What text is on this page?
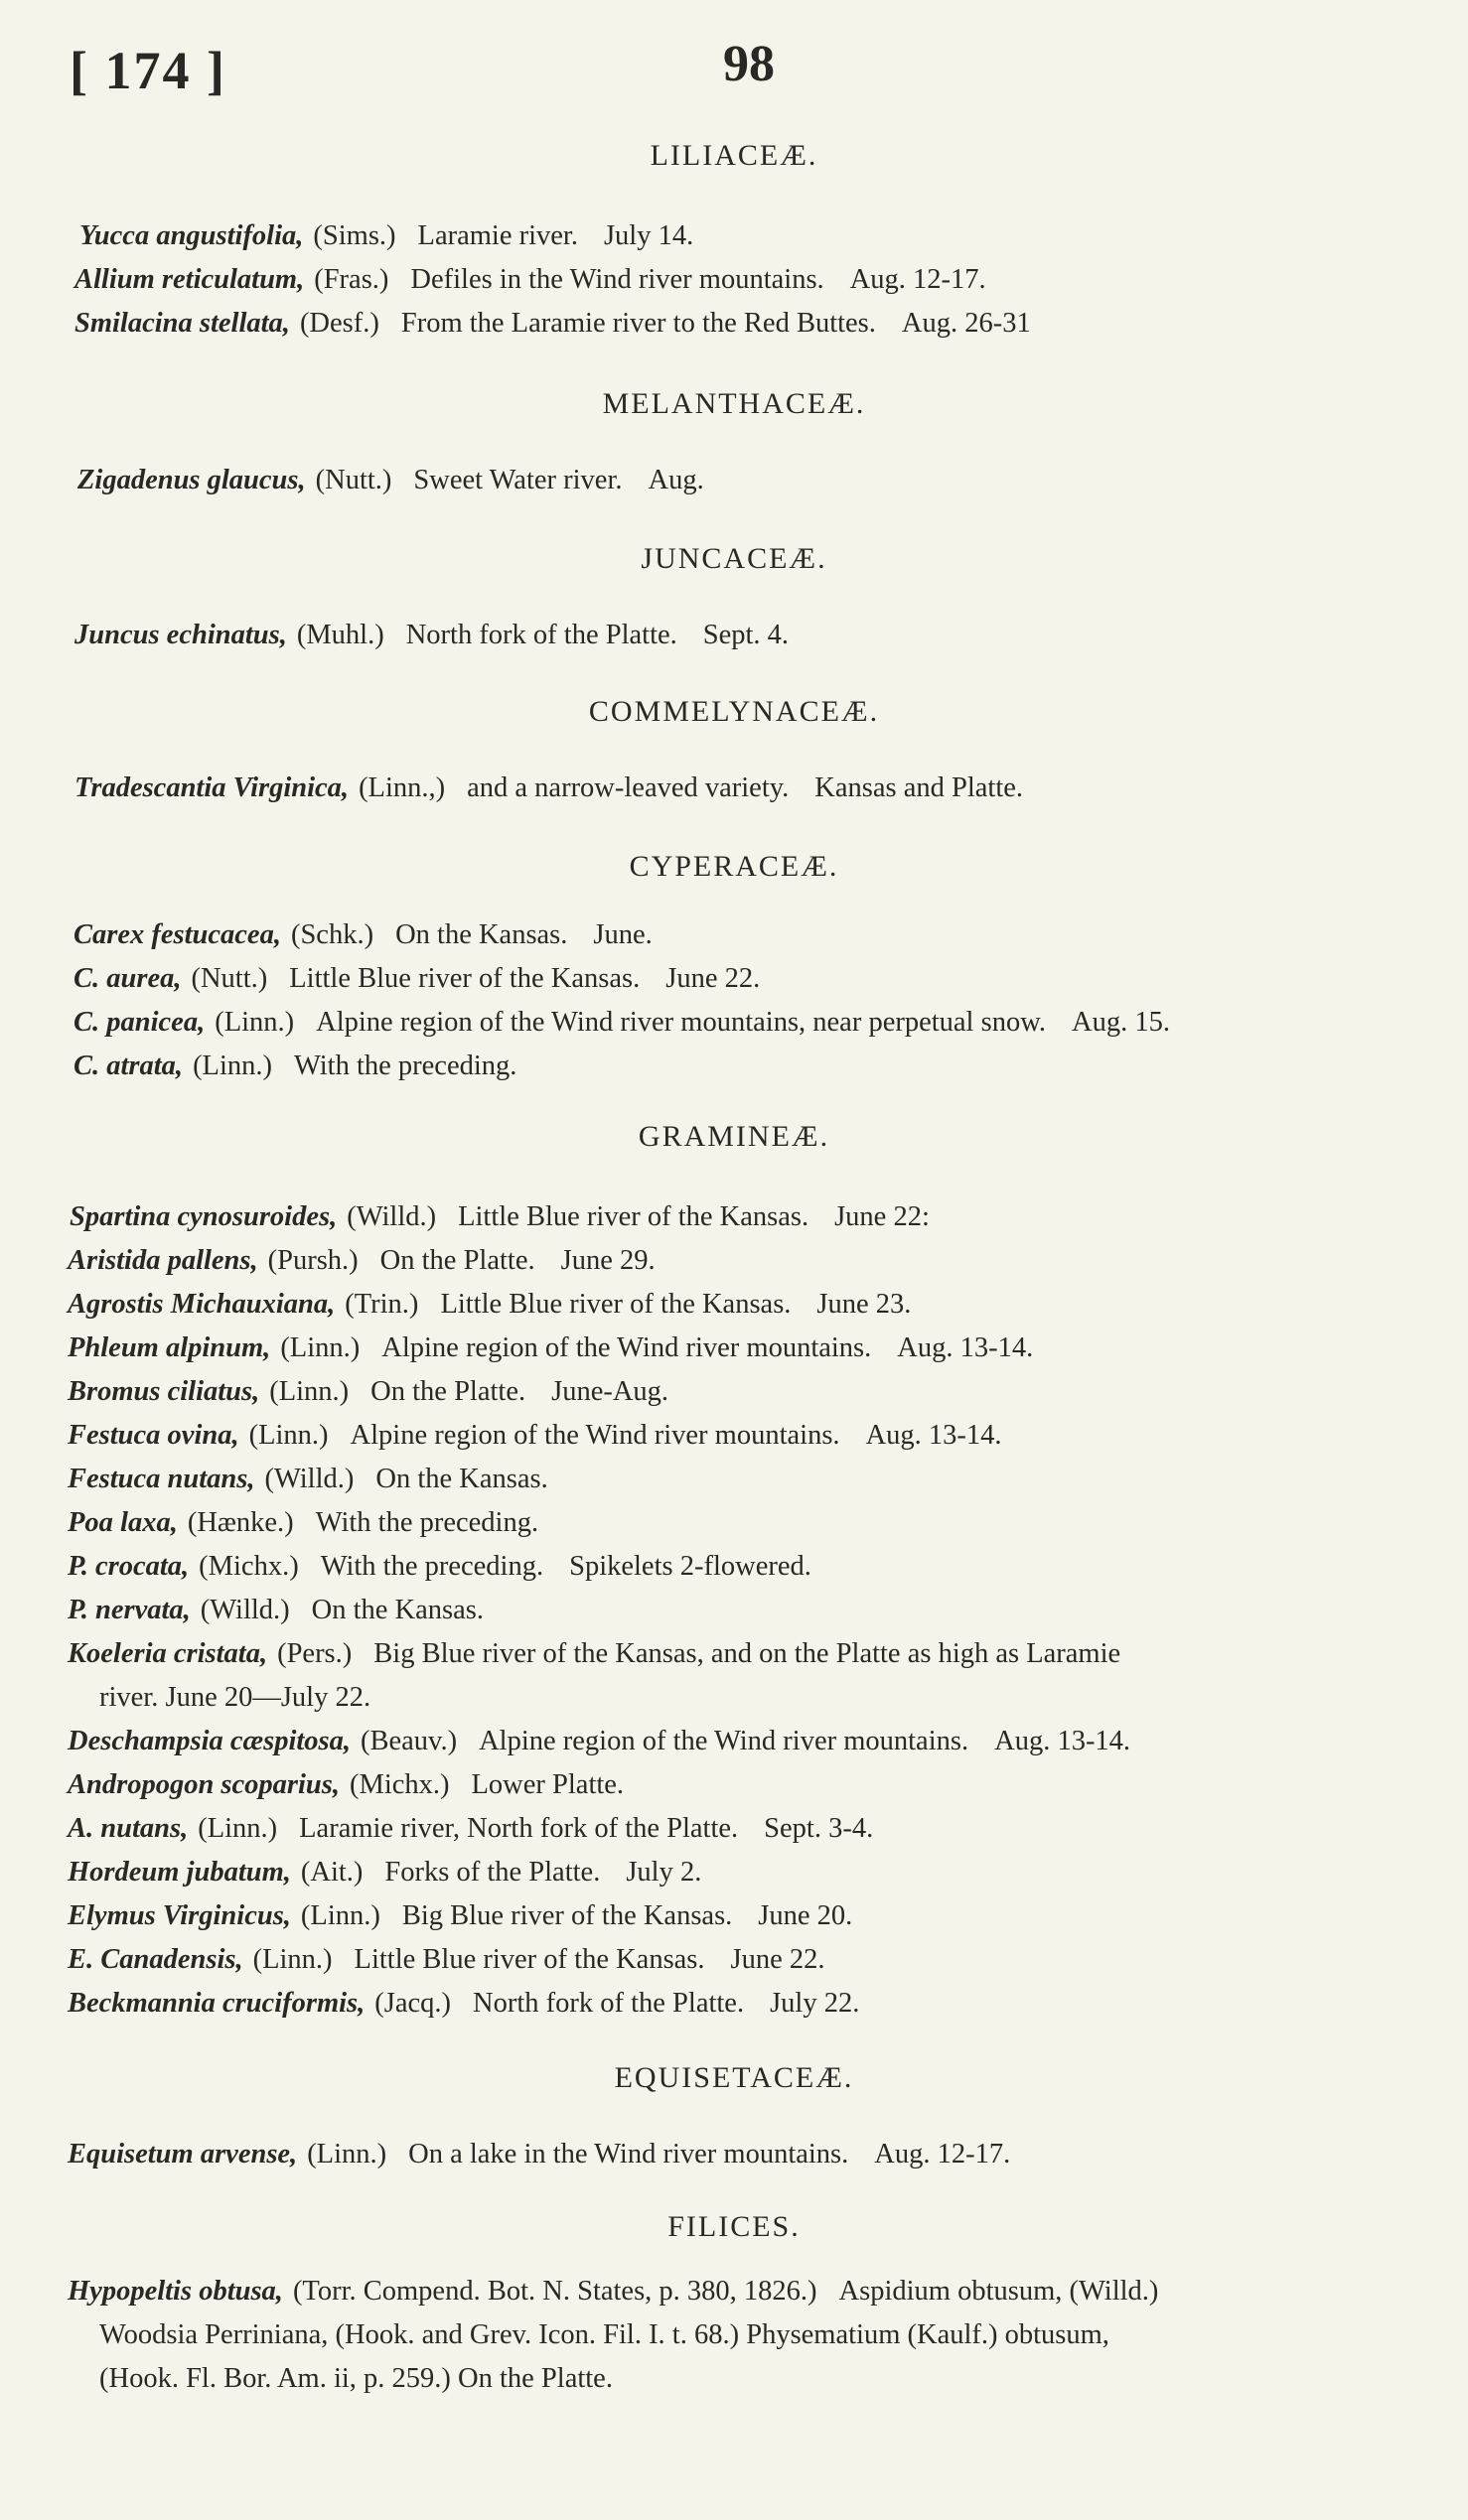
[ 174 ]	98
LILIACEÆ.
Yucca angustifolia, (Sims.) Laramie river. July 14.
Allium reticulatum, (Fras.) Defiles in the Wind river mountains. Aug. 12-17.
Smilacina stellata, (Desf.) From the Laramie river to the Red Buttes. Aug. 26-31
MELANTHACEÆ.
Zigadenus glaucus, (Nutt.) Sweet Water river. Aug.
JUNCACEÆ.
Juncus echinatus, (Muhl.) North fork of the Platte. Sept. 4.
COMMELYNACEÆ.
Tradescantia Virginica, (Linn.,) and a narrow-leaved variety. Kansas and Platte.
CYPERACEÆ.
Carex festucacea, (Schk.) On the Kansas. June.
C. aurea, (Nutt.) Little Blue river of the Kansas. June 22.
C. panicea, (Linn.) Alpine region of the Wind river mountains, near perpetual snow. Aug. 15.
C. atrata, (Linn.) With the preceding.
GRAMINEÆ.
Spartina cynosuroides, (Willd.) Little Blue river of the Kansas. June 22:
Aristida pallens, (Pursh.) On the Platte. June 29.
Agrostis Michauxiana, (Trin.) Little Blue river of the Kansas. June 23.
Phleum alpinum, (Linn.) Alpine region of the Wind river mountains. Aug. 13-14.
Bromus ciliatus, (Linn.) On the Platte. June-Aug.
Festuca ovina, (Linn.) Alpine region of the Wind river mountains. Aug. 13-14.
Festuca nutans, (Willd.) On the Kansas.
Poa laxa, (Hænke.) With the preceding.
P. crocata, (Michx.) With the preceding. Spikelets 2-flowered.
P. nervata, (Willd.) On the Kansas.
Koeleria cristata, (Pers.) Big Blue river of the Kansas, and on the Platte as high as Laramie
Deschampsia cæspitosa, (Beauv.) Alpine region of the Wind river mountains. Aug. 13-14.
Andropogon scoparius, (Michx.) Lower Platte.
A. nutans, (Linn.) Laramie river, North fork of the Platte. Sept. 3-4.
Hordeum jubatum, (Ait.) Forks of the Platte. July 2.
Elymus Virginicus, (Linn.) Big Blue river of the Kansas. June 20.
E. Canadensis, (Linn.) Little Blue river of the Kansas. June 22.
Beckmannia cruciformis, (Jacq.) North fork of the Platte. July 22.
EQUISETACEÆ.
Equisetum arvense, (Linn.) On a lake in the Wind river mountains. Aug. 12-17.
FILICES.
Hypopeltis obtusa, (Torr. Compend. Bot. N. States, p. 380, 1826.) Aspidium obtusum, (Willd.)
river. June 20—July 22.
Woodsia Perriniana, (Hook. and Grev. Icon. Fil. I. t. 68.) Physematium (Kaulf.) obtusum,
(Hook. Fl. Bor. Am. ii, p. 259.) On the Platte.
